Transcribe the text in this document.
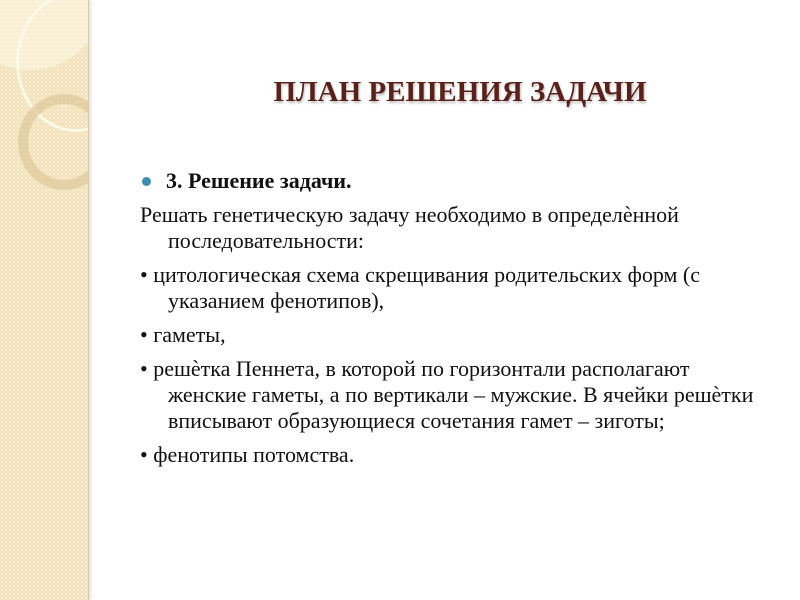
ПЛАН РЕШЕНИЯ ЗАДАЧИ
3. Решение задачи.

Решать генетическую задачу необходимо в определѐнной последовательности:

• цитологическая схема скрещивания родительских форм (с указанием фенотипов),

• гаметы,

• решѐтка Пеннета, в которой по горизонтали располагают женские гаметы, а по вертикали – мужские. В ячейки решѐтки вписывают образующиеся сочетания гамет – зиготы;

• фенотипы потомства.
